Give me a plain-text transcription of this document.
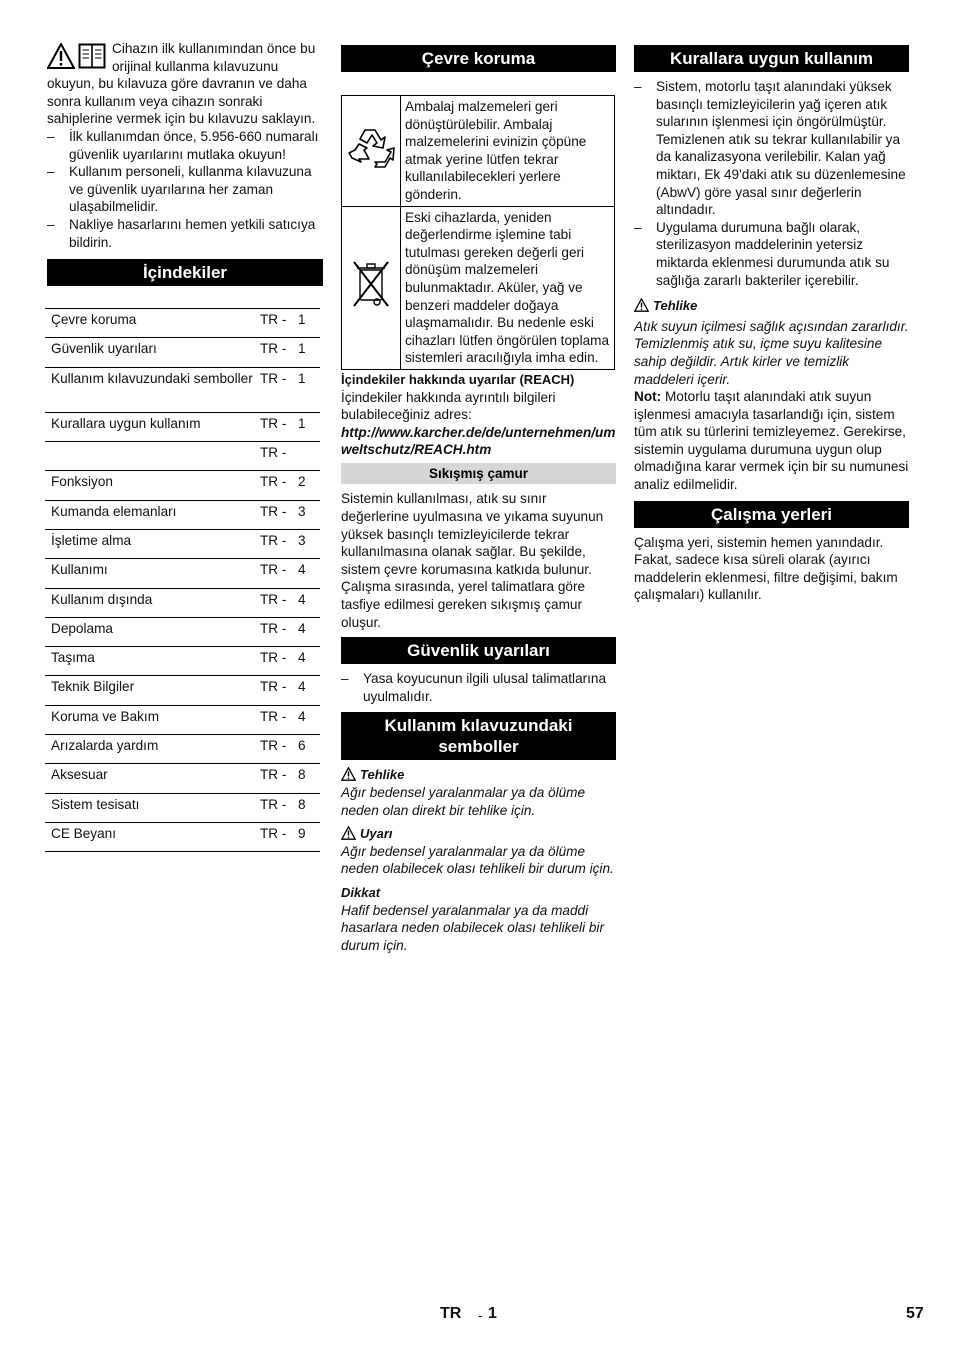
Cihazın ilk kullanımından önce bu orijinal kullanma kılavuzunu okuyun, bu kılavuza göre davranın ve daha sonra kullanım veya cihazın sonraki sahiplerine vermek için bu kılavuzu saklayın.

– İlk kullanımdan önce, 5.956-660 numaralı güvenlik uyarılarını mutlaka okuyun!

– Kullanım personeli, kullanma kılavuzuna ve güvenlik uyarılarına her zaman ulaşabilmelidir.

– Nakliye hasarlarını hemen yetkili satıcıya bildirin.

İçindekiler
Çevre koruma	TR -	1
Güvenlik uyarıları	TR -	1
Kullanım kılavuzundaki semboller	TR -	1
Kurallara uygun kullanım	TR -	1
	TR -	
Fonksiyon	TR -	2
Kumanda elemanları	TR -	3
İşletime alma	TR -	3
Kullanımı	TR -	4
Kullanım dışında	TR -	4
Depolama	TR -	4
Taşıma	TR -	4
Teknik Bilgiler	TR -	4
Koruma ve Bakım	TR -	4
Arızalarda yardım	TR -	6
Aksesuar	TR -	8
Sistem tesisatı	TR -	8
CE Beyanı	TR -	9
Çevre koruma
	Ambalaj malzemeleri geri dönüştürülebilir. Ambalaj malzemelerini evinizin çöpüne atmak yerine lütfen tekrar kullanılabilecekleri yerlere gönderin.
	Eski cihazlarda, yeniden değerlendirme işlemine tabi tutulması gereken değerli geri dönüşüm malzemeleri bulunmaktadır. Aküler, yağ ve benzeri maddeler doğaya ulaşmamalıdır. Bu nedenle eski cihazları lütfen öngörülen toplama sistemleri aracılığıyla imha edin.

İçindekiler hakkında uyarılar (REACH)

İçindekiler hakkında ayrıntılı bilgileri bulabileceğiniz adres:

http://www.karcher.de/de/unternehmen/umweltschutz/REACH.htm

Sıkışmış çamur

Sistemin kullanılması, atık su sınır değerlerine uyulmasına ve yıkama suyunun yüksek basınçlı temizleyicilerde tekrar kullanılmasına olanak sağlar. Bu şekilde, sistem çevre korumasına katkıda bulunur. Çalışma sırasında, yerel talimatlara göre tasfiye edilmesi gereken sıkışmış çamur oluşur.

Güvenlik uyarıları

– Yasa koyucunun ilgili ulusal talimatlarına uyulmalıdır.

Kullanım kılavuzundaki semboller

Tehlike

Ağır bedensel yaralanmalar ya da ölüme neden olan direkt bir tehlike için.

Uyarı

Ağır bedensel yaralanmalar ya da ölüme neden olabilecek olası tehlikeli bir durum için.

Dikkat

Hafif bedensel yaralanmalar ya da maddi hasarlara neden olabilecek olası tehlikeli bir durum için.

Kurallara uygun kullanım

– Sistem, motorlu taşıt alanındaki yüksek basınçlı temizleyicilerin yağ içeren atık sularının işlenmesi için öngörülmüştür. Temizlenen atık su tekrar kullanılabilir ya da kanalizasyona verilebilir. Kalan yağ miktarı, Ek 49'daki atık su düzenlemesine (AbwV) göre yasal sınır değerlerin altındadır.

– Uygulama durumuna bağlı olarak, sterilizasyon maddelerinin yetersiz miktarda eklenmesi durumunda atık su sağlığa zararlı bakteriler içerebilir.

Tehlike

Atık suyun içilmesi sağlık açısından zararlıdır. Temizlenmiş atık su, içme suyu kalitesine sahip değildir. Artık kirler ve temizlik maddeleri içerir.

Not: Motorlu taşıt alanındaki atık suyun işlenmesi amacıyla tasarlandığı için, sistem tüm atık su türlerini temizleyemez. Gerekirse, sistemin uygulama durumuna uygun olup olmadığına karar vermek için bir su numunesi analiz edilmelidir.

Çalışma yerleri

Çalışma yeri, sistemin hemen yanındadır. Fakat, sadece kısa süreli olarak (ayırıcı maddelerin eklenmesi, filtre değişimi, bakım çalışmaları) kullanılır.

TR - 1	57
